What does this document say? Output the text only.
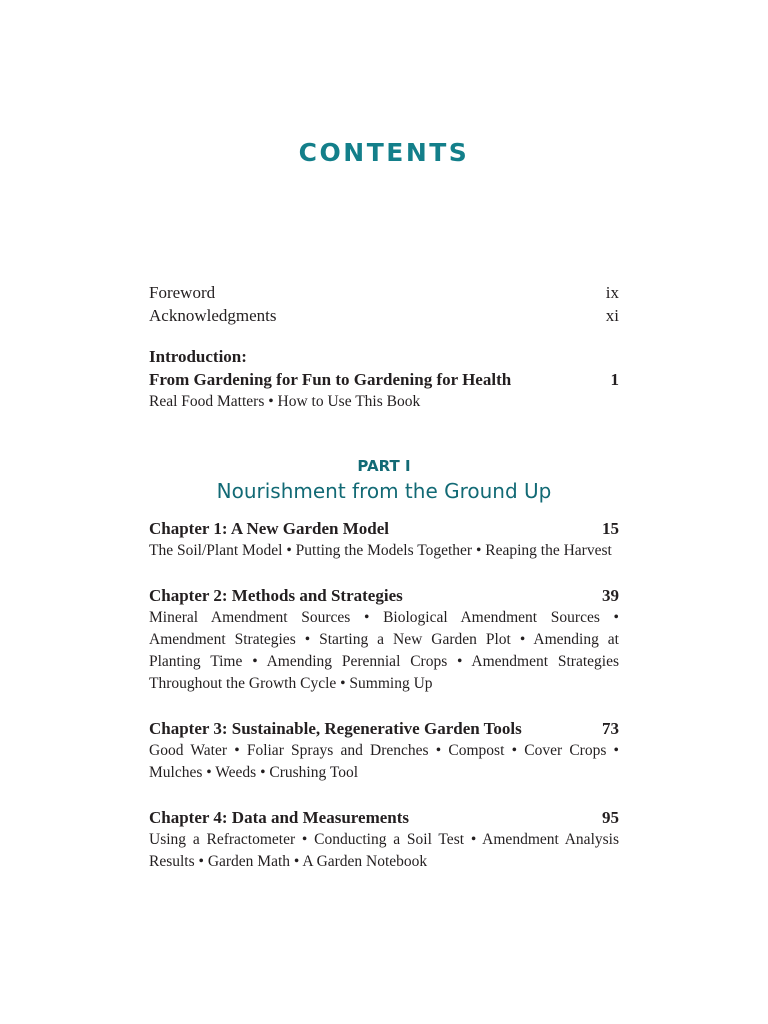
CONTENTS
Foreword	ix
Acknowledgments	xi
Introduction:
From Gardening for Fun to Gardening for Health	1
Real Food Matters • How to Use This Book
PART I
Nourishment from the Ground Up
Chapter 1: A New Garden Model	15
The Soil/Plant Model • Putting the Models Together • Reaping the Harvest
Chapter 2: Methods and Strategies	39
Mineral Amendment Sources • Biological Amendment Sources • Amendment Strategies • Starting a New Garden Plot • Amending at Planting Time • Amending Perennial Crops • Amendment Strategies Throughout the Growth Cycle • Summing Up
Chapter 3: Sustainable, Regenerative Garden Tools	73
Good Water • Foliar Sprays and Drenches • Compost • Cover Crops • Mulches • Weeds • Crushing Tool
Chapter 4: Data and Measurements	95
Using a Refractometer • Conducting a Soil Test • Amendment Analysis Results • Garden Math • A Garden Notebook
